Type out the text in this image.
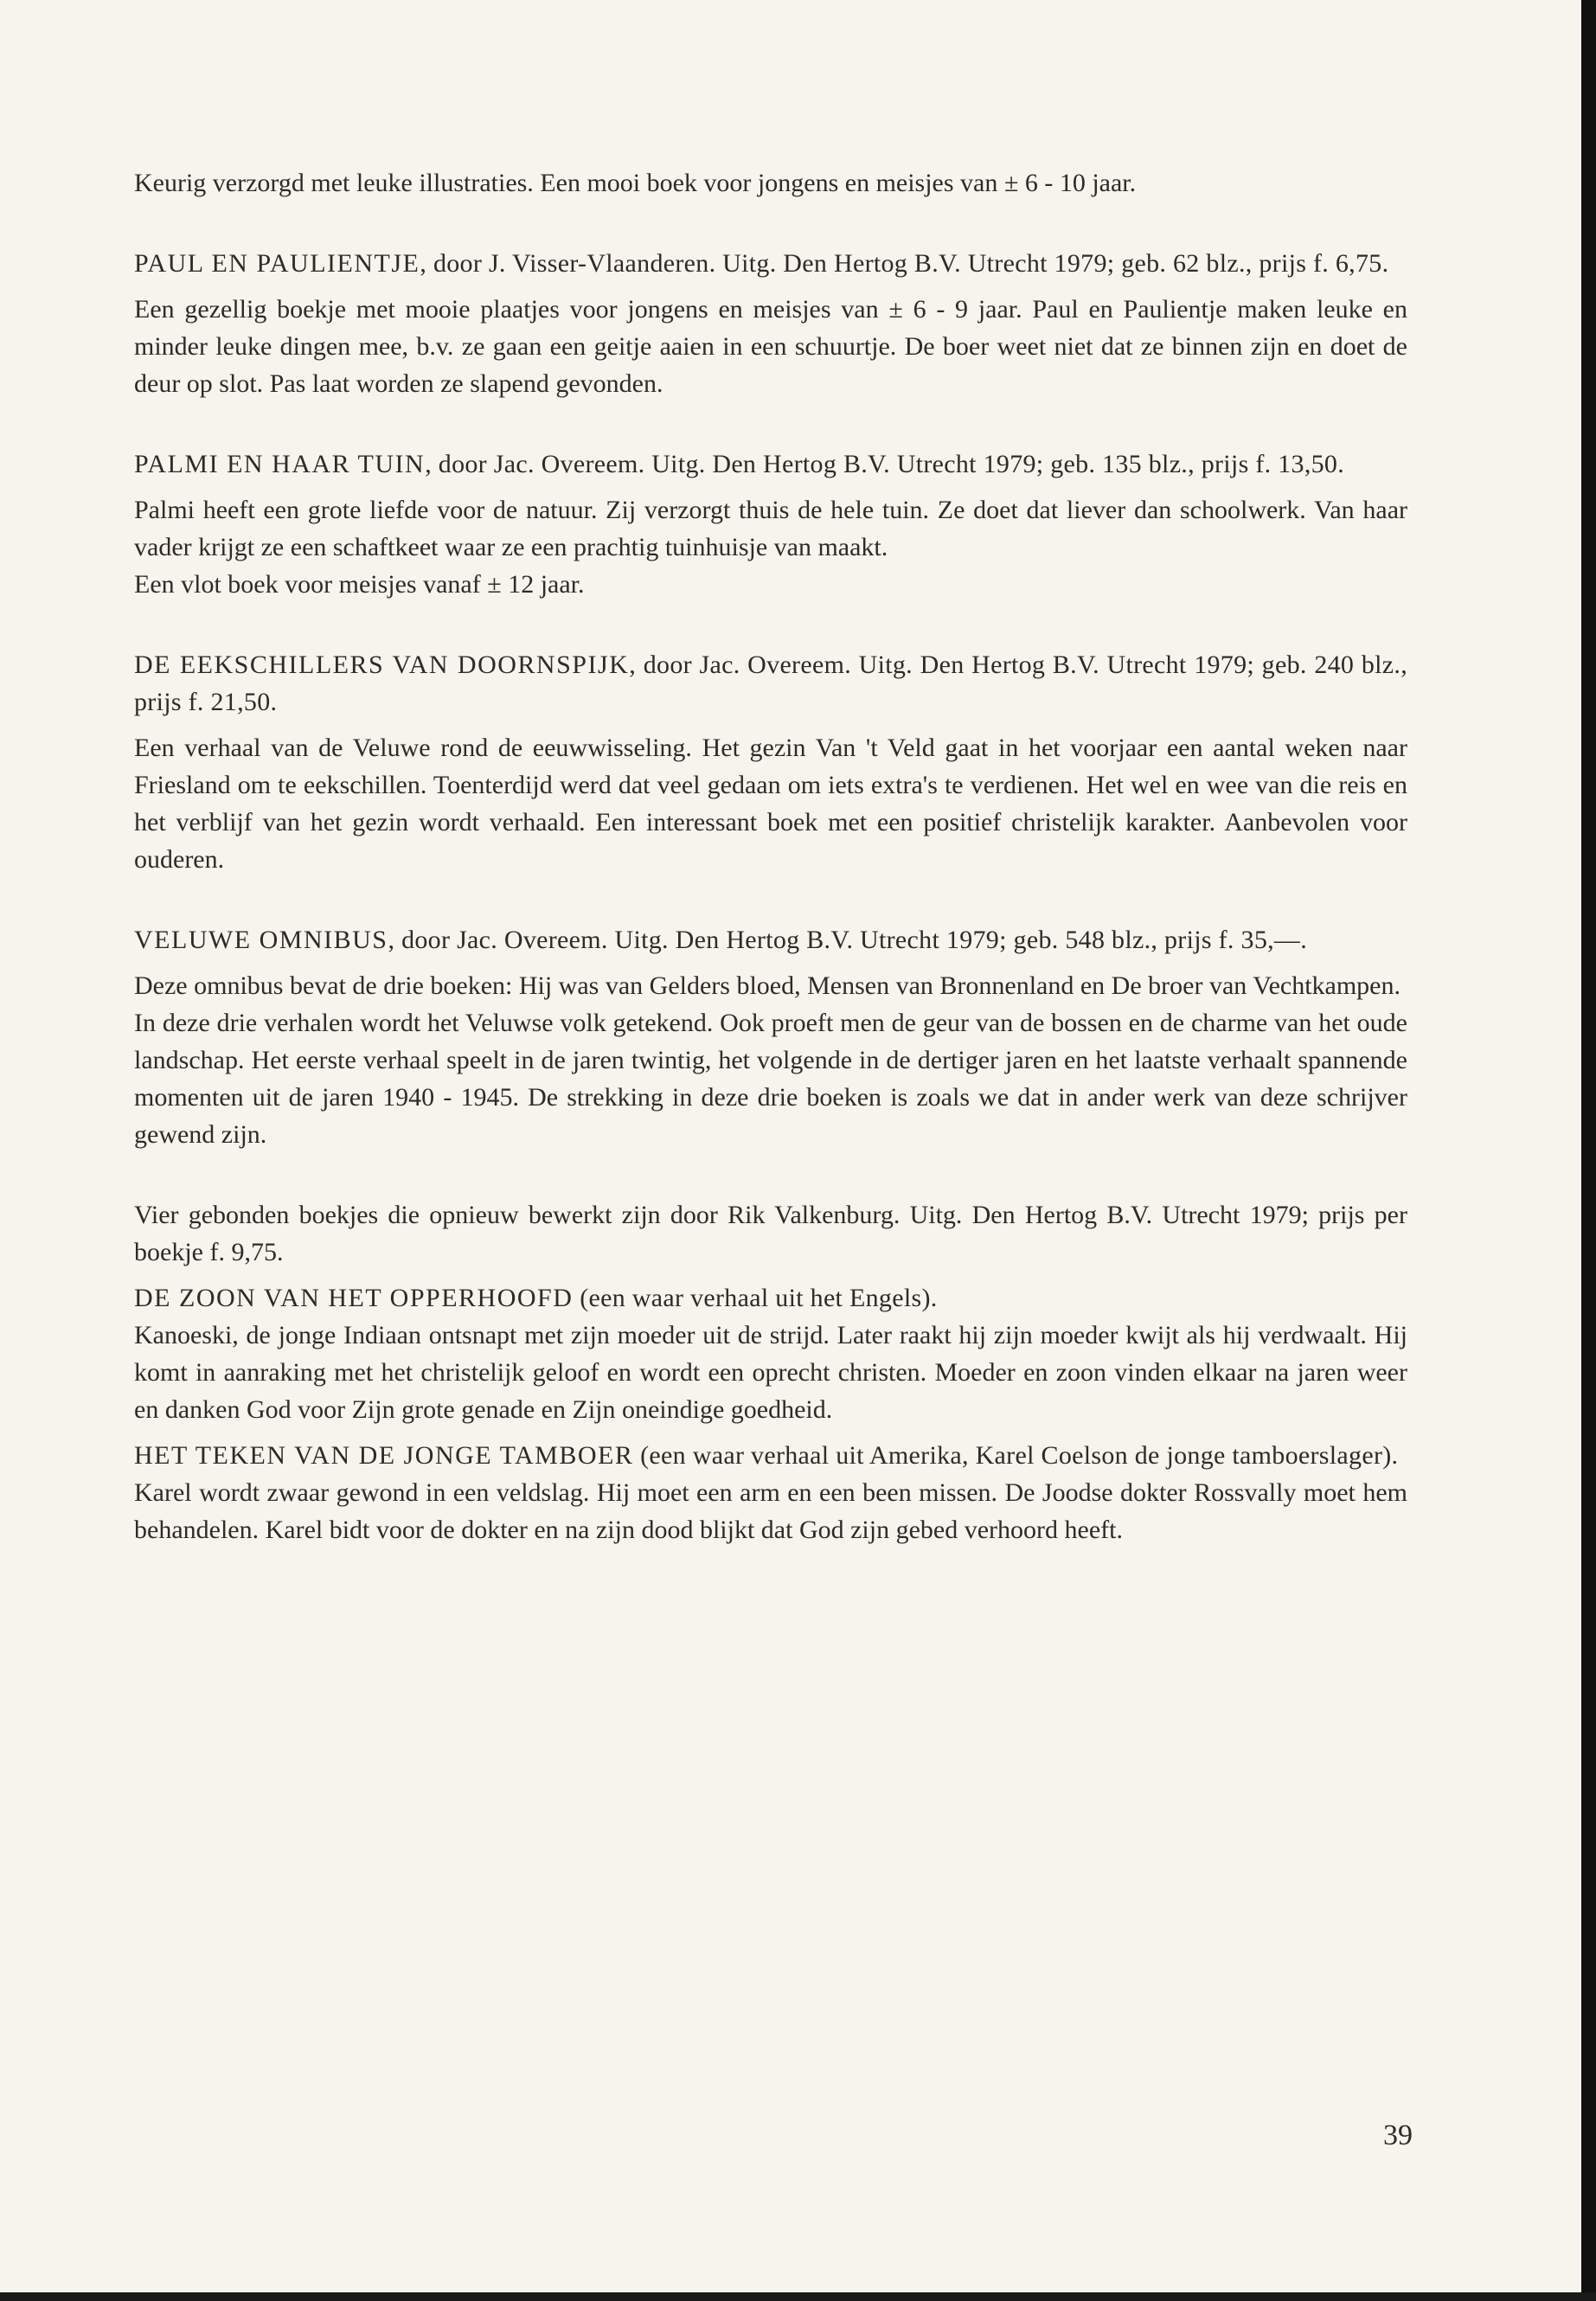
Keurig verzorgd met leuke illustraties. Een mooi boek voor jongens en meisjes van ± 6 - 10 jaar.

PAUL EN PAULIENTJE, door J. Visser-Vlaanderen. Uitg. Den Hertog B.V. Utrecht 1979; geb. 62 blz., prijs f. 6,75.

Een gezellig boekje met mooie plaatjes voor jongens en meisjes van ± 6 - 9 jaar. Paul en Paulientje maken leuke en minder leuke dingen mee, b.v. ze gaan een geitje aaien in een schuurtje. De boer weet niet dat ze binnen zijn en doet de deur op slot. Pas laat worden ze slapend gevonden.

PALMI EN HAAR TUIN, door Jac. Overeem. Uitg. Den Hertog B.V. Utrecht 1979; geb. 135 blz., prijs f. 13,50.

Palmi heeft een grote liefde voor de natuur. Zij verzorgt thuis de hele tuin. Ze doet dat liever dan schoolwerk. Van haar vader krijgt ze een schaftkeet waar ze een prachtig tuinhuisje van maakt.

Een vlot boek voor meisjes vanaf ± 12 jaar.

DE EEKSCHILLERS VAN DOORNSPIJK, door Jac. Overeem. Uitg. Den Hertog B.V. Utrecht 1979; geb. 240 blz., prijs f. 21,50.

Een verhaal van de Veluwe rond de eeuwwisseling. Het gezin Van 't Veld gaat in het voorjaar een aantal weken naar Friesland om te eekschillen. Toenterdijd werd dat veel gedaan om iets extra's te verdienen. Het wel en wee van die reis en het verblijf van het gezin wordt verhaald. Een interessant boek met een positief christelijk karakter. Aanbevolen voor ouderen.

VELUWE OMNIBUS, door Jac. Overeem. Uitg. Den Hertog B.V. Utrecht 1979; geb. 548 blz., prijs f. 35,—.

Deze omnibus bevat de drie boeken: Hij was van Gelders bloed, Mensen van Bronnenland en De broer van Vechtkampen.

In deze drie verhalen wordt het Veluwse volk getekend. Ook proeft men de geur van de bossen en de charme van het oude landschap. Het eerste verhaal speelt in de jaren twintig, het volgende in de dertiger jaren en het laatste verhaalt spannende momenten uit de jaren 1940 - 1945. De strekking in deze drie boeken is zoals we dat in ander werk van deze schrijver gewend zijn.

Vier gebonden boekjes die opnieuw bewerkt zijn door Rik Valkenburg. Uitg. Den Hertog B.V. Utrecht 1979; prijs per boekje f. 9,75.

DE ZOON VAN HET OPPERHOOFD (een waar verhaal uit het Engels).

Kanoeski, de jonge Indiaan ontsnapt met zijn moeder uit de strijd. Later raakt hij zijn moeder kwijt als hij verdwaalt. Hij komt in aanraking met het christelijk geloof en wordt een oprecht christen. Moeder en zoon vinden elkaar na jaren weer en danken God voor Zijn grote genade en Zijn oneindige goedheid.

HET TEKEN VAN DE JONGE TAMBOER (een waar verhaal uit Amerika, Karel Coelson de jonge tamboerslager).

Karel wordt zwaar gewond in een veldslag. Hij moet een arm en een been missen. De Joodse dokter Rossvally moet hem behandelen. Karel bidt voor de dokter en na zijn dood blijkt dat God zijn gebed verhoord heeft.

39
